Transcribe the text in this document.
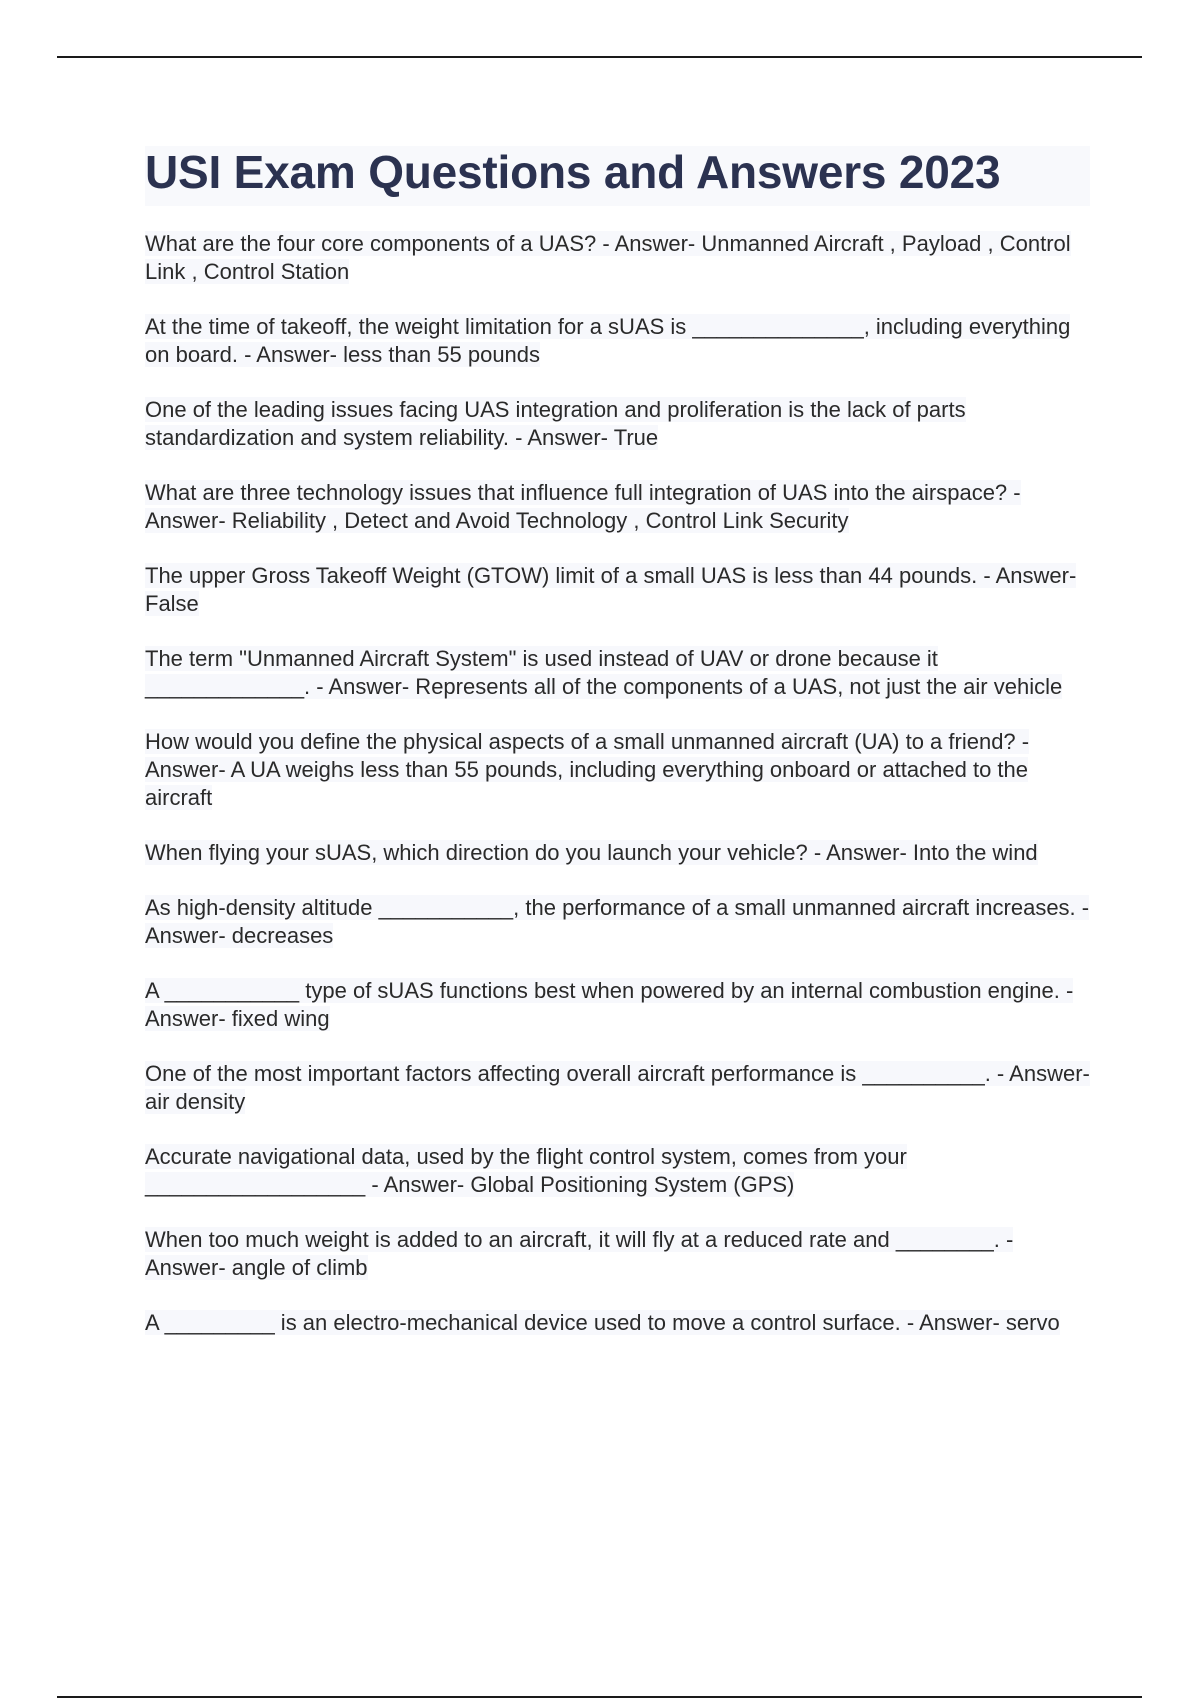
USI Exam Questions and Answers 2023

What are the four core components of a UAS? - Answer- Unmanned Aircraft , Payload , Control Link , Control Station

At the time of takeoff, the weight limitation for a sUAS is ______________, including everything on board. - Answer- less than 55 pounds

One of the leading issues facing UAS integration and proliferation is the lack of parts standardization and system reliability. - Answer- True

What are three technology issues that influence full integration of UAS into the airspace? - Answer- Reliability , Detect and Avoid Technology , Control Link Security

The upper Gross Takeoff Weight (GTOW) limit of a small UAS is less than 44 pounds. - Answer- False

The term "Unmanned Aircraft System" is used instead of UAV or drone because it _____________. - Answer- Represents all of the components of a UAS, not just the air vehicle

How would you define the physical aspects of a small unmanned aircraft (UA) to a friend? - Answer- A UA weighs less than 55 pounds, including everything onboard or attached to the aircraft

When flying your sUAS, which direction do you launch your vehicle? - Answer- Into the wind

As high-density altitude ___________, the performance of a small unmanned aircraft increases. - Answer- decreases

A ___________ type of sUAS functions best when powered by an internal combustion engine. - Answer- fixed wing

One of the most important factors affecting overall aircraft performance is __________. - Answer- air density

Accurate navigational data, used by the flight control system, comes from your __________________ - Answer- Global Positioning System (GPS)

When too much weight is added to an aircraft, it will fly at a reduced rate and ________. - Answer- angle of climb

A _________ is an electro-mechanical device used to move a control surface. - Answer- servo
